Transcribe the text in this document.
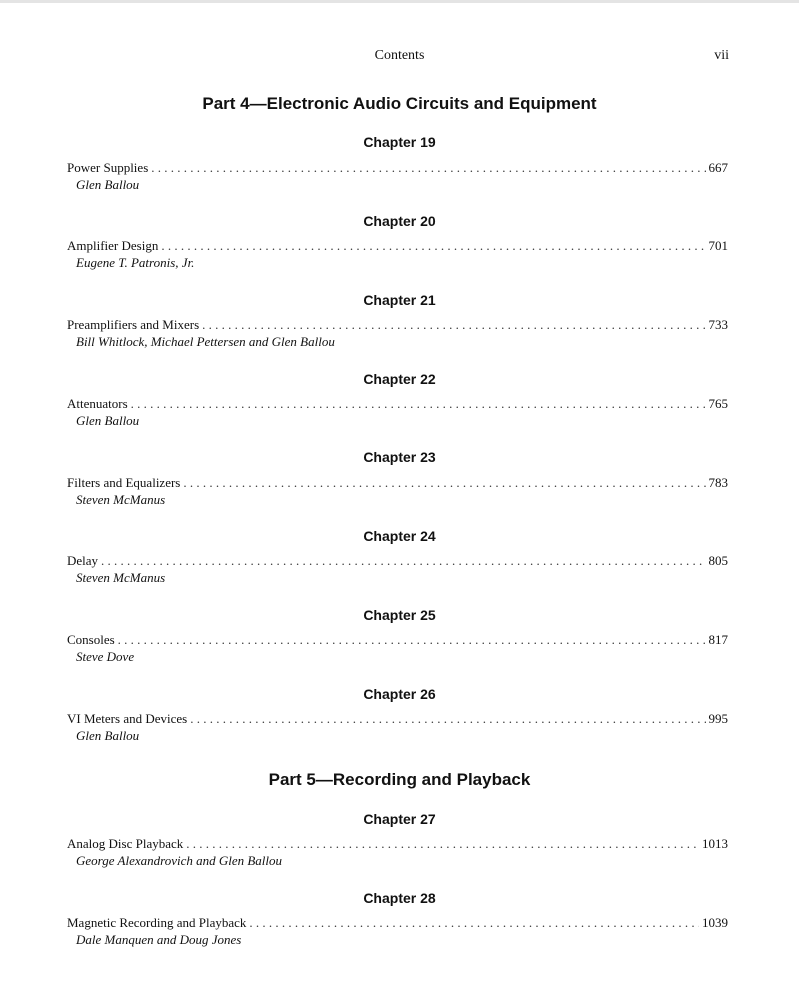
Contents	vii
Part 4—Electronic Audio Circuits and Equipment
Chapter 19
Power Supplies . . .	667
Glen Ballou
Chapter 20
Amplifier Design . . .	701
Eugene T. Patronis, Jr.
Chapter 21
Preamplifiers and Mixers . . .	733
Bill Whitlock, Michael Pettersen and Glen Ballou
Chapter 22
Attenuators . . .	765
Glen Ballou
Chapter 23
Filters and Equalizers . . .	783
Steven McManus
Chapter 24
Delay . . .	805
Steven McManus
Chapter 25
Consoles . . .	817
Steve Dove
Chapter 26
VI Meters and Devices . . .	995
Glen Ballou
Part 5—Recording and Playback
Chapter 27
Analog Disc Playback . . .	1013
George Alexandrovich and Glen Ballou
Chapter 28
Magnetic Recording and Playback . . .	1039
Dale Manquen and Doug Jones
